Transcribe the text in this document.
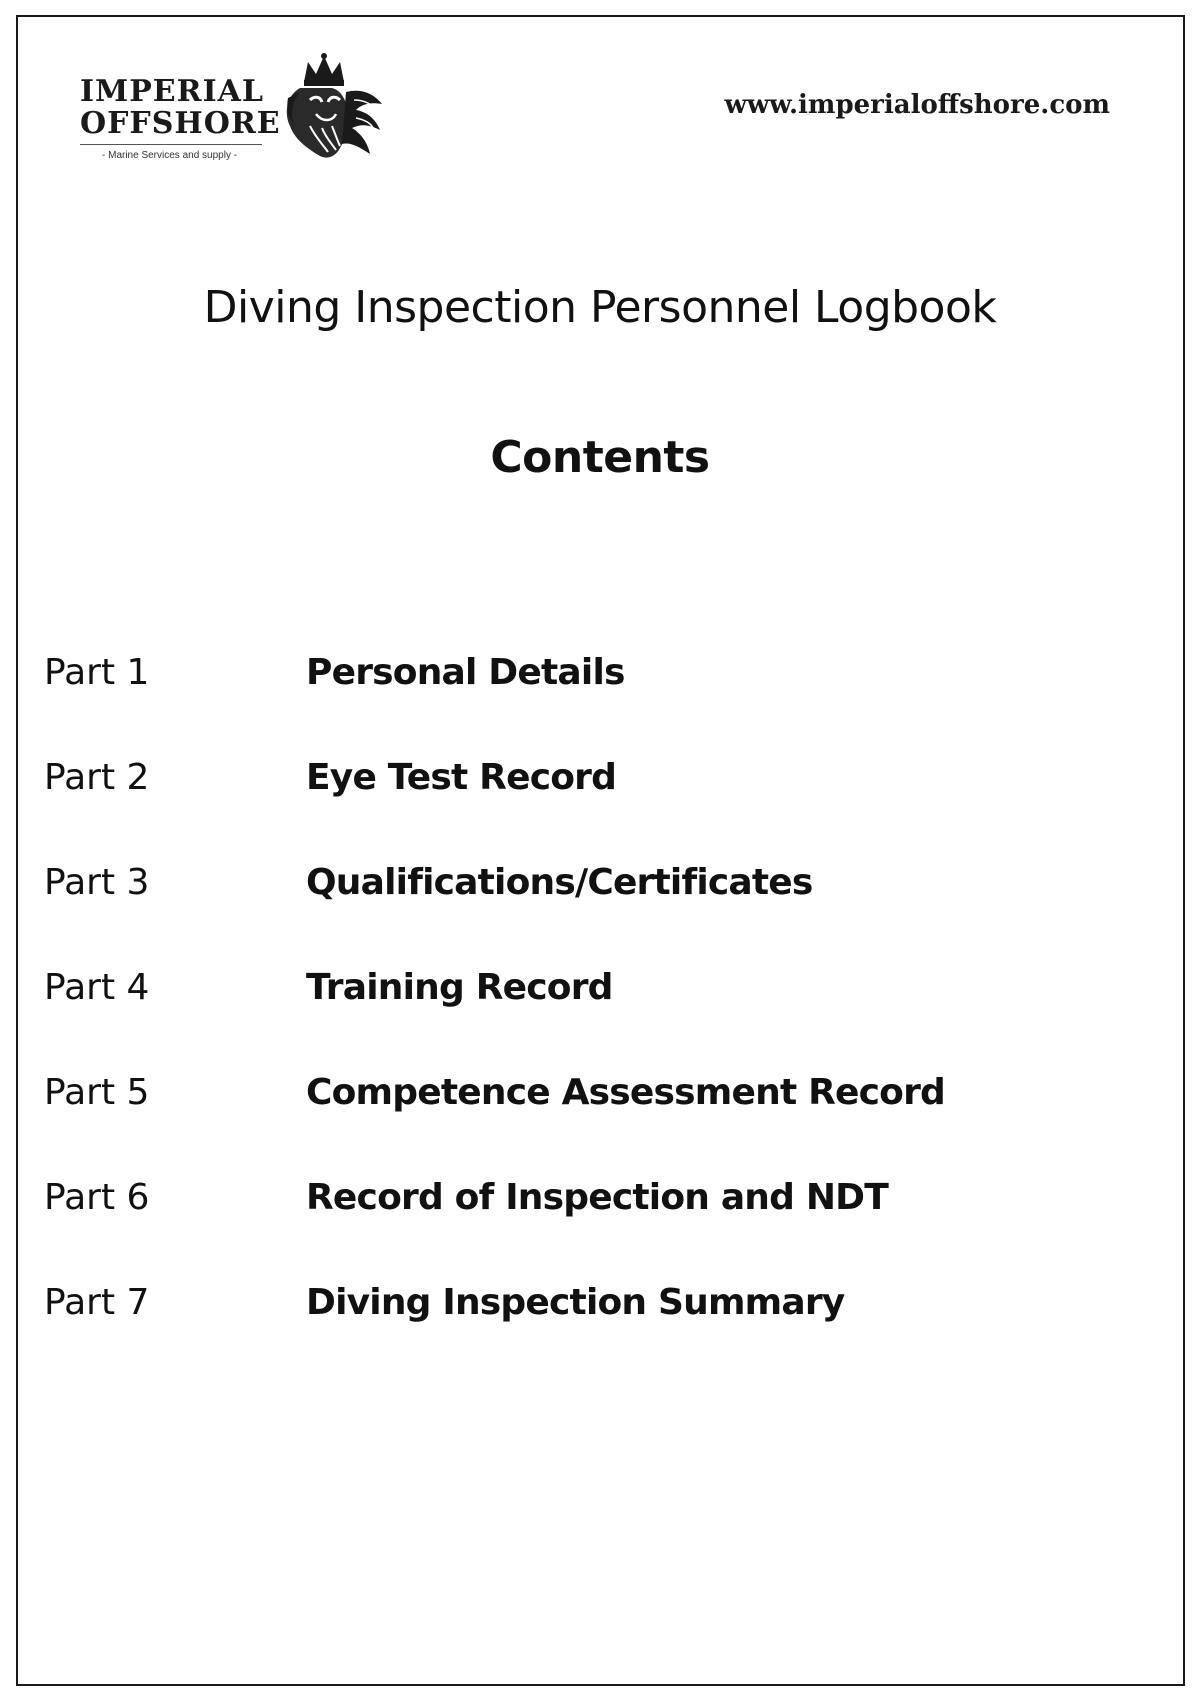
IMPERIAL
OFFSHORE
- Marine Services and supply -
www.imperialoffshore.com
Diving Inspection Personnel Logbook
Contents
Part 1	Personal Details
Part 2	Eye Test Record
Part 3	Qualifications/Certificates
Part 4	Training Record
Part 5	Competence Assessment Record
Part 6	Record of Inspection and NDT
Part 7	Diving Inspection Summary
